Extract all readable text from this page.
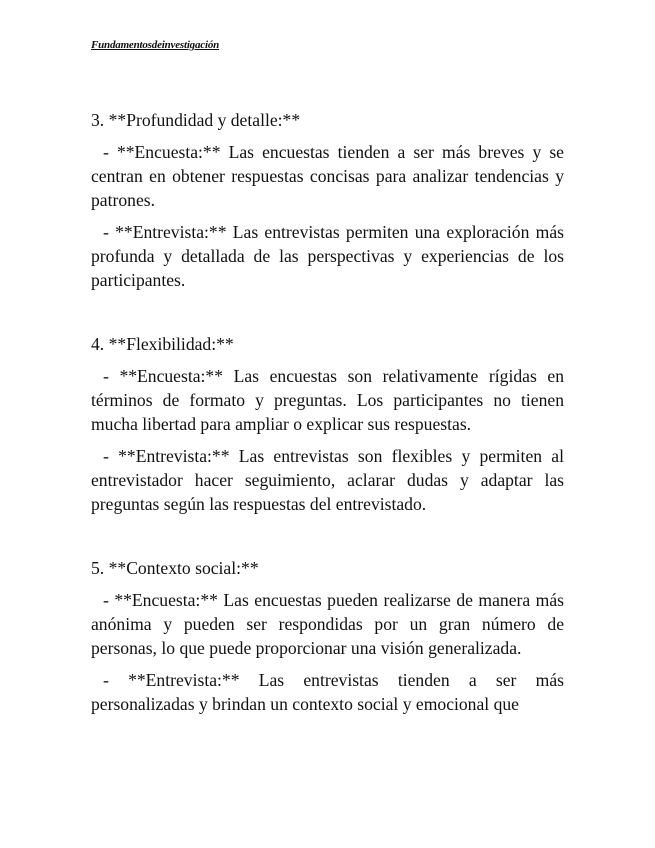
Fundamentosdeinvestigación
3. **Profundidad y detalle:**

- **Encuesta:** Las encuestas tienden a ser más breves y se centran en obtener respuestas concisas para analizar tendencias y patrones.

- **Entrevista:** Las entrevistas permiten una exploración más profunda y detallada de las perspectivas y experiencias de los participantes.

4. **Flexibilidad:**

- **Encuesta:** Las encuestas son relativamente rígidas en términos de formato y preguntas. Los participantes no tienen mucha libertad para ampliar o explicar sus respuestas.

- **Entrevista:** Las entrevistas son flexibles y permiten al entrevistador hacer seguimiento, aclarar dudas y adaptar las preguntas según las respuestas del entrevistado.

5. **Contexto social:**

- **Encuesta:** Las encuestas pueden realizarse de manera más anónima y pueden ser respondidas por un gran número de personas, lo que puede proporcionar una visión generalizada.

- **Entrevista:** Las entrevistas tienden a ser más personalizadas y brindan un contexto social y emocional que
